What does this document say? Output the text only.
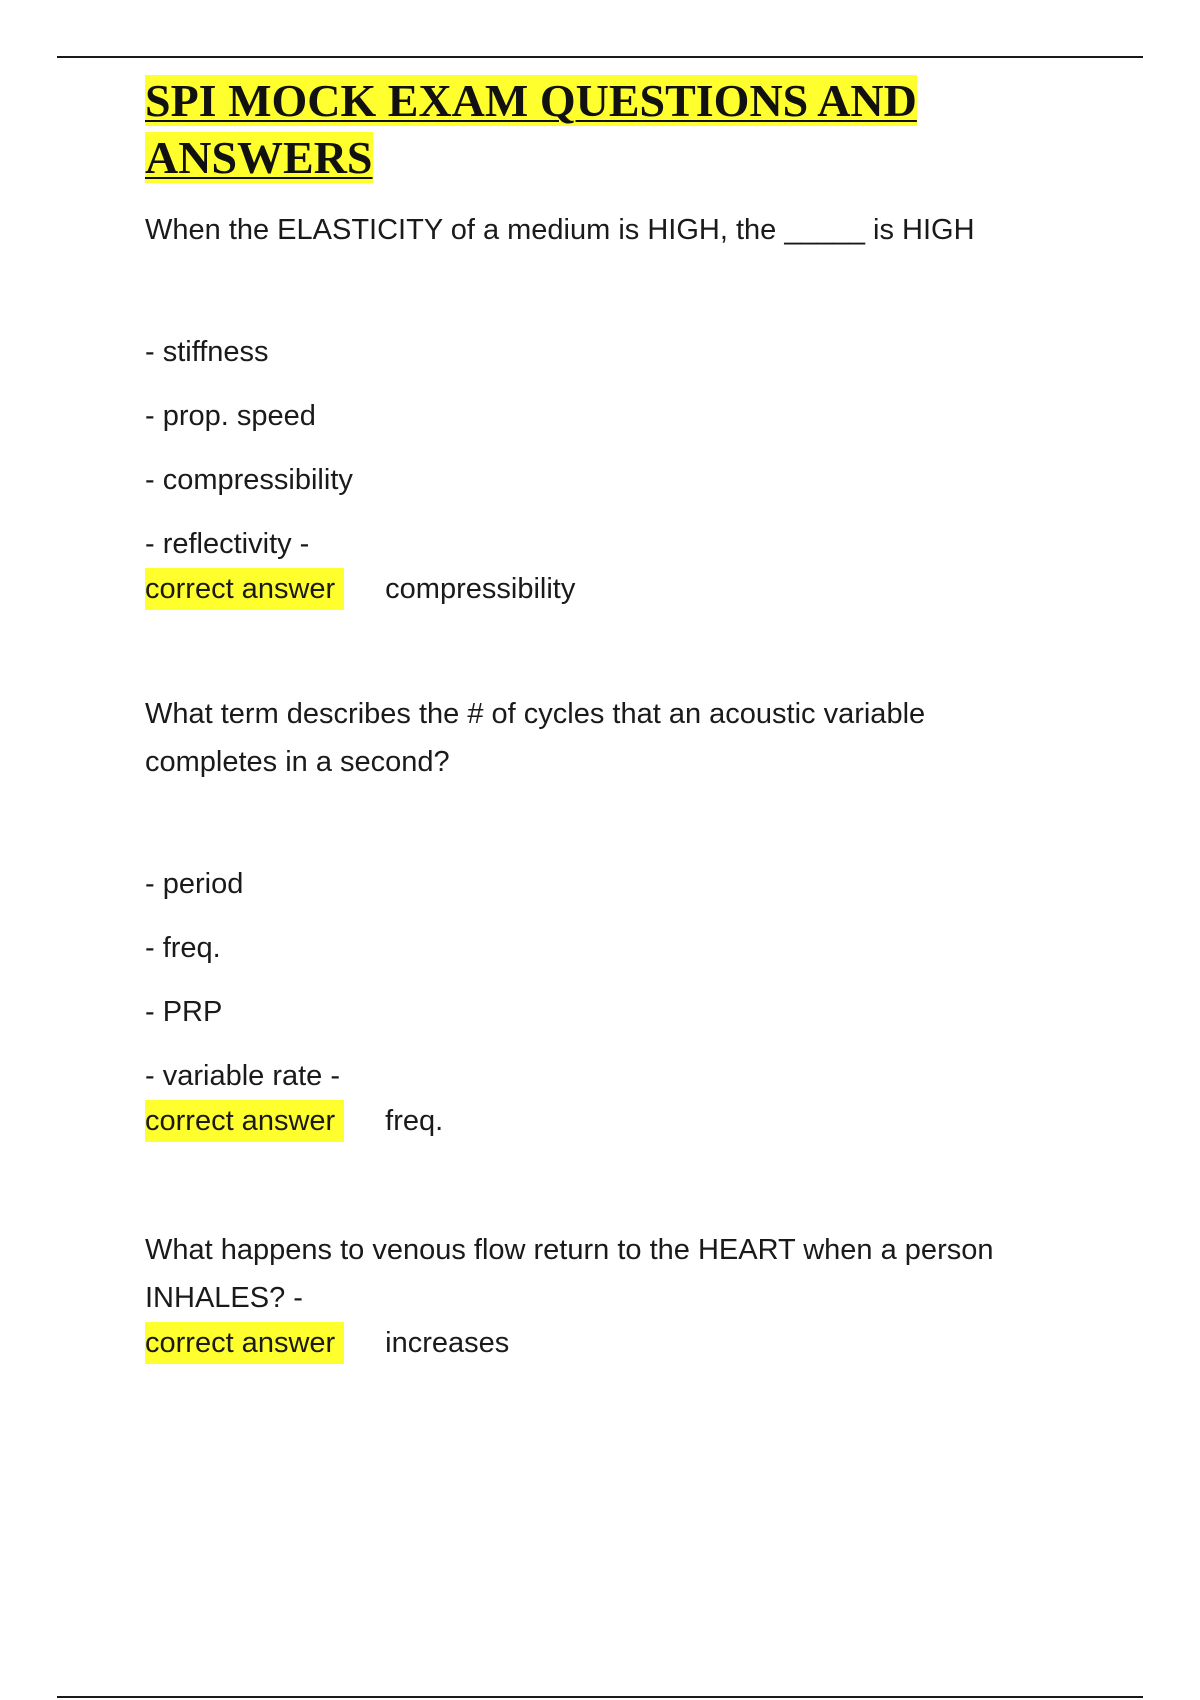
SPI MOCK EXAM QUESTIONS AND ANSWERS

When the ELASTICITY of a medium is HIGH, the _____ is HIGH

- stiffness

- prop. speed

- compressibility

- reflectivity -

correct answer compressibility

What term describes the # of cycles that an acoustic variable completes in a second?

- period

- freq.

- PRP

- variable rate -

correct answer freq.

What happens to venous flow return to the HEART when a person INHALES? -

correct answer increases
